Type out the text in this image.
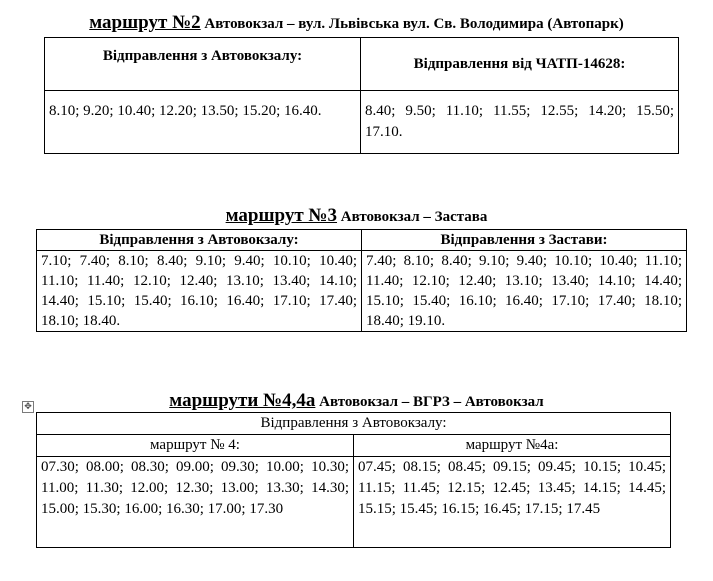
маршрут №2 Автовокзал – вул. Львівська вул. Св. Володимира (Автопарк)
Відправлення з Автовокзалу:	Відправлення від ЧАТП-14628:
8.10; 9.20; 10.40; 12.20; 13.50; 15.20; 16.40.	8.40; 9.50; 11.10; 11.55; 12.55; 14.20; 15.50; 17.10.
маршрут №3 Автовокзал – Застава
Відправлення з Автовокзалу:	Відправлення з Застави:
7.10; 7.40; 8.10; 8.40; 9.10; 9.40; 10.10; 10.40; 11.10; 11.40; 12.10; 12.40; 13.10; 13.40; 14.10; 14.40; 15.10; 15.40; 16.10; 16.40; 17.10; 17.40; 18.10; 18.40.	7.40; 8.10; 8.40; 9.10; 9.40; 10.10; 10.40; 11.10; 11.40; 12.10; 12.40; 13.10; 13.40; 14.10; 14.40; 15.10; 15.40; 16.10; 16.40; 17.10; 17.40; 18.10; 18.40; 19.10.
✥	маршрути №4,4а Автовокзал – ВГРЗ – Автовокзал
Відправлення з Автовокзалу:	
маршрут № 4:	маршрут №4а:
07.30; 08.00; 08.30; 09.00; 09.30; 10.00; 10.30; 11.00; 11.30; 12.00; 12.30; 13.00; 13.30; 14.30; 15.00; 15.30; 16.00; 16.30; 17.00; 17.30	07.45; 08.15; 08.45; 09.15; 09.45; 10.15; 10.45; 11.15; 11.45; 12.15; 12.45; 13.45; 14.15; 14.45; 15.15; 15.45; 16.15; 16.45; 17.15; 17.45
